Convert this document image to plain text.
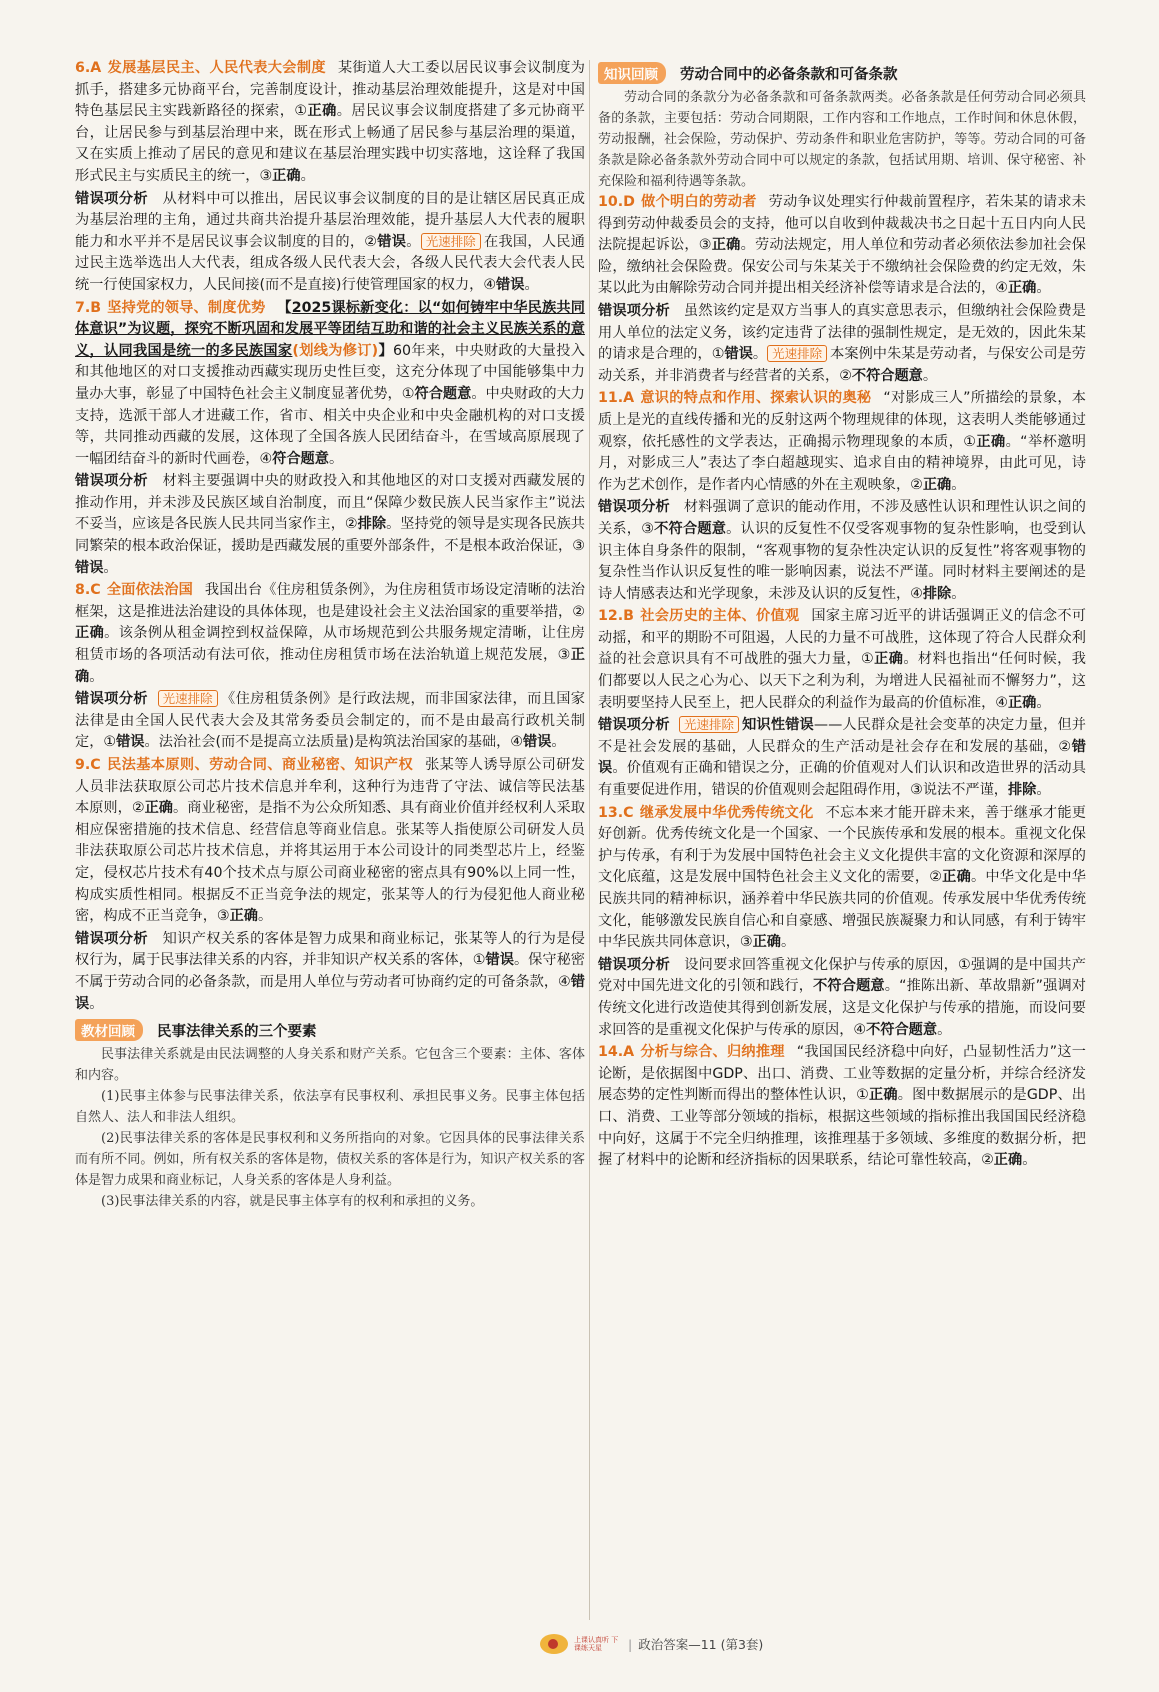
6.A 发展基层民主、人民代表大会制度 某街道人大工委以居民议事会议制度为抓手，搭建多元协商平台，完善制度设计，推动基层治理效能提升，这是对中国特色基层民主实践新路径的探索，①正确。居民议事会议制度搭建了多元协商平台，让居民参与到基层治理中来，既在形式上畅通了居民参与基层治理的渠道，又在实质上推动了居民的意见和建议在基层治理实践中切实落地，这诠释了我国形式民主与实质民主的统一，③正确。

错误项分析 从材料中可以推出，居民议事会议制度的目的是让辖区居民真正成为基层治理的主角，通过共商共治提升基层治理效能，提升基层人大代表的履职能力和水平并不是居民议事会议制度的目的，②错误。 光速排除 在我国，人民通过民主选举选出人大代表，组成各级人民代表大会，各级人民代表大会代表人民统一行使国家权力，人民间接(而不是直接)行使管理国家的权力，④错误。

7.B 坚持党的领导、制度优势 【2025课标新变化：以“如何铸牢中华民族共同体意识”为议题，探究不断巩固和发展平等团结互助和谐的社会主义民族关系的意义，认同我国是统一的多民族国家(划线为修订)】60年来，中央财政的大量投入和其他地区的对口支援推动西藏实现历史性巨变，这充分体现了中国能够集中力量办大事，彰显了中国特色社会主义制度显著优势，①符合题意。中央财政的大力支持，选派干部人才进藏工作，省市、相关中央企业和中央金融机构的对口支援等，共同推动西藏的发展，这体现了全国各族人民团结奋斗，在雪域高原展现了一幅团结奋斗的新时代画卷，④符合题意。

错误项分析 材料主要强调中央的财政投入和其他地区的对口支援对西藏发展的推动作用，并未涉及民族区域自治制度，而且“保障少数民族人民当家作主”说法不妥当，应该是各民族人民共同当家作主，②排除。坚持党的领导是实现各民族共同繁荣的根本政治保证，援助是西藏发展的重要外部条件，不是根本政治保证，③错误。

8.C 全面依法治国 我国出台《住房租赁条例》，为住房租赁市场设定清晰的法治框架，这是推进法治建设的具体体现，也是建设社会主义法治国家的重要举措，②正确。该条例从租金调控到权益保障，从市场规范到公共服务规定清晰，让住房租赁市场的各项活动有法可依，推动住房租赁市场在法治轨道上规范发展，③正确。

错误项分析 光速排除 《住房租赁条例》是行政法规，而非国家法律，而且国家法律是由全国人民代表大会及其常务委员会制定的，而不是由最高行政机关制定，①错误。法治社会(而不是提高立法质量)是构筑法治国家的基础，④错误。

9.C 民法基本原则、劳动合同、商业秘密、知识产权 张某等人诱导原公司研发人员非法获取原公司芯片技术信息并牟利，这种行为违背了守法、诚信等民法基本原则，②正确。商业秘密，是指不为公众所知悉、具有商业价值并经权利人采取相应保密措施的技术信息、经营信息等商业信息。张某等人指使原公司研发人员非法获取原公司芯片技术信息，并将其运用于本公司设计的同类型芯片上，经鉴定，侵权芯片技术有40个技术点与原公司商业秘密的密点具有90%以上同一性，构成实质性相同。根据反不正当竞争法的规定，张某等人的行为侵犯他人商业秘密，构成不正当竞争，③正确。

错误项分析 知识产权关系的客体是智力成果和商业标记，张某等人的行为是侵权行为，属于民事法律关系的内容，并非知识产权关系的客体，①错误。保守秘密不属于劳动合同的必备条款，而是用人单位与劳动者可协商约定的可备条款，④错误。

教材回顾	民事法律关系的三个要素

民事法律关系就是由民法调整的人身关系和财产关系。它包含三个要素：主体、客体和内容。

(1)民事主体参与民事法律关系，依法享有民事权利、承担民事义务。民事主体包括自然人、法人和非法人组织。

(2)民事法律关系的客体是民事权利和义务所指向的对象。它因具体的民事法律关系而有所不同。例如，所有权关系的客体是物，债权关系的客体是行为，知识产权关系的客体是智力成果和商业标记，人身关系的客体是人身利益。

(3)民事法律关系的内容，就是民事主体享有的权利和承担的义务。

知识回顾	劳动合同中的必备条款和可备条款

劳动合同的条款分为必备条款和可备条款两类。必备条款是任何劳动合同必须具备的条款，主要包括：劳动合同期限，工作内容和工作地点，工作时间和休息休假，劳动报酬，社会保险，劳动保护、劳动条件和职业危害防护，等等。劳动合同的可备条款是除必备条款外劳动合同中可以规定的条款，包括试用期、培训、保守秘密、补充保险和福利待遇等条款。

10.D 做个明白的劳动者 劳动争议处理实行仲裁前置程序，若朱某的请求未得到劳动仲裁委员会的支持，他可以自收到仲裁裁决书之日起十五日内向人民法院提起诉讼，③正确。劳动法规定，用人单位和劳动者必须依法参加社会保险，缴纳社会保险费。保安公司与朱某关于不缴纳社会保险费的约定无效，朱某以此为由解除劳动合同并提出相关经济补偿等请求是合法的，④正确。

错误项分析 虽然该约定是双方当事人的真实意思表示，但缴纳社会保险费是用人单位的法定义务，该约定违背了法律的强制性规定，是无效的，因此朱某的请求是合理的，①错误。 光速排除 本案例中朱某是劳动者，与保安公司是劳动关系，并非消费者与经营者的关系，②不符合题意。

11.A 意识的特点和作用、探索认识的奥秘 “对影成三人”所描绘的景象，本质上是光的直线传播和光的反射这两个物理规律的体现，这表明人类能够通过观察，依托感性的文学表达，正确揭示物理现象的本质，①正确。“举杯邀明月，对影成三人”表达了李白超越现实、追求自由的精神境界，由此可见，诗作为艺术创作，是作者内心情感的外在主观映象，②正确。

错误项分析 材料强调了意识的能动作用，不涉及感性认识和理性认识之间的关系，③不符合题意。认识的反复性不仅受客观事物的复杂性影响，也受到认识主体自身条件的限制，“客观事物的复杂性决定认识的反复性”将客观事物的复杂性当作认识反复性的唯一影响因素，说法不严谨。同时材料主要阐述的是诗人情感表达和光学现象，未涉及认识的反复性，④排除。

12.B 社会历史的主体、价值观 国家主席习近平的讲话强调正义的信念不可动摇，和平的期盼不可阻遏，人民的力量不可战胜，这体现了符合人民群众利益的社会意识具有不可战胜的强大力量，①正确。材料也指出“任何时候，我们都要以人民之心为心、以天下之利为利，为增进人民福祉而不懈努力”，这表明要坚持人民至上，把人民群众的利益作为最高的价值标准，④正确。

错误项分析 光速排除 知识性错误——人民群众是社会变革的决定力量，但并不是社会发展的基础，人民群众的生产活动是社会存在和发展的基础，②错误。价值观有正确和错误之分，正确的价值观对人们认识和改造世界的活动具有重要促进作用，错误的价值观则会起阻碍作用，③说法不严谨，排除。

13.C 继承发展中华优秀传统文化 不忘本来才能开辟未来，善于继承才能更好创新。优秀传统文化是一个国家、一个民族传承和发展的根本。重视文化保护与传承，有利于为发展中国特色社会主义文化提供丰富的文化资源和深厚的文化底蕴，这是发展中国特色社会主义文化的需要，②正确。中华文化是中华民族共同的精神标识，涵养着中华民族共同的价值观。传承发展中华优秀传统文化，能够激发民族自信心和自豪感、增强民族凝聚力和认同感，有利于铸牢中华民族共同体意识，③正确。

错误项分析 设问要求回答重视文化保护与传承的原因，①强调的是中国共产党对中国先进文化的引领和践行，不符合题意。“推陈出新、革故鼎新”强调对传统文化进行改造使其得到创新发展，这是文化保护与传承的措施，而设问要求回答的是重视文化保护与传承的原因，④不符合题意。

14.A 分析与综合、归纳推理 “我国国民经济稳中向好，凸显韧性活力”这一论断，是依据图中GDP、出口、消费、工业等数据的定量分析，并综合经济发展态势的定性判断而得出的整体性认识，①正确。图中数据展示的是GDP、出口、消费、工业等部分领域的指标，根据这些领域的指标推出我国国民经济稳中向好，这属于不完全归纳推理，该推理基于多领域、多维度的数据分析，把握了材料中的论断和经济指标的因果联系，结论可靠性较高，②正确。

上课认真听 下课练天星	| 政治答案—11 (第3套)
